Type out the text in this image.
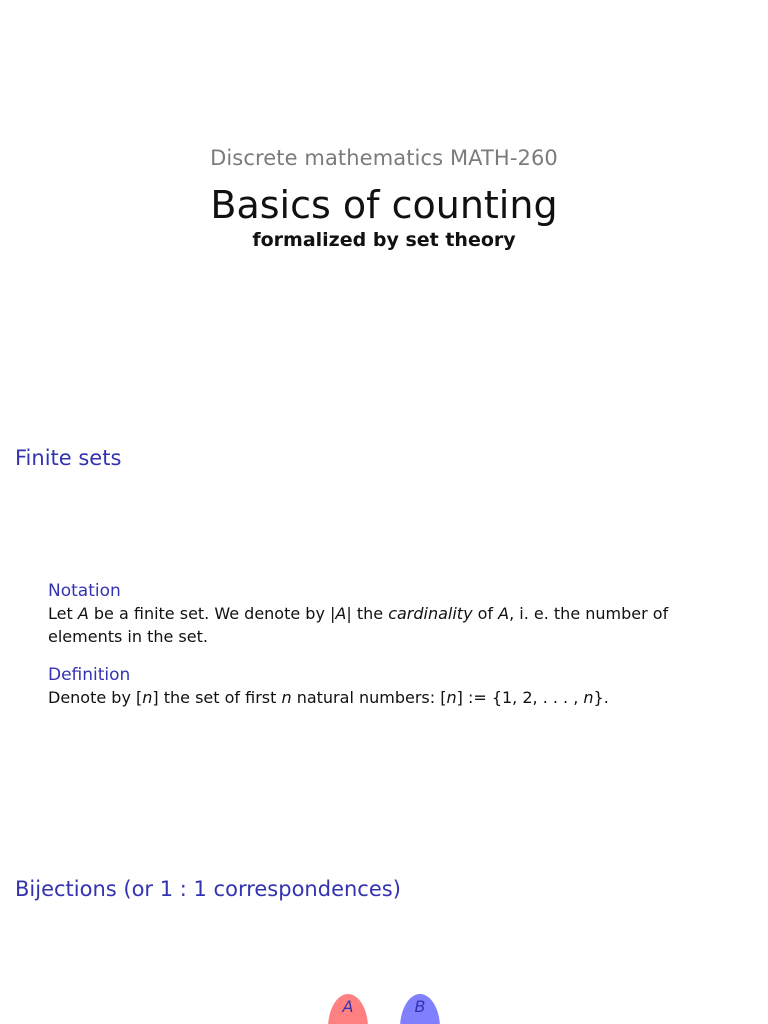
Discrete mathematics MATH-260
Basics of counting
formalized by set theory
Finite sets
Notation
Let A be a finite set. We denote by |A| the cardinality of A, i. e. the number of elements in the set.
Definition
Denote by [n] the set of first n natural numbers: [n] := {1, 2, . . . , n}.
Bijections (or 1 : 1 correspondences)
A	B
